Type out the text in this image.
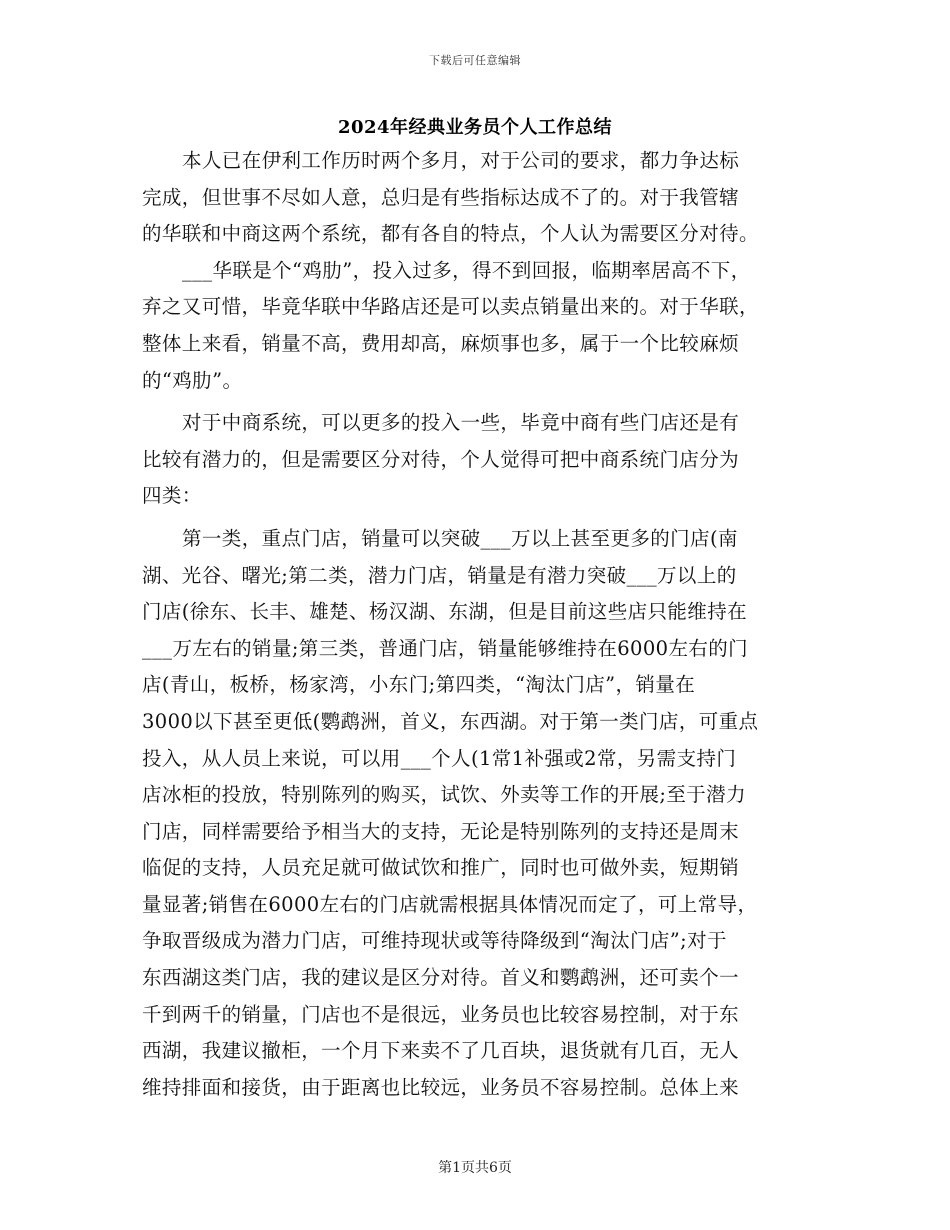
下载后可任意编辑
2024年经典业务员个人工作总结
本人已在伊利工作历时两个多月，对于公司的要求，都力争达标
完成，但世事不尽如人意，总归是有些指标达成不了的。对于我管辖
的华联和中商这两个系统，都有各自的特点，个人认为需要区分对待。
___华联是个“鸡肋”，投入过多，得不到回报，临期率居高不下，
弃之又可惜，毕竟华联中华路店还是可以卖点销量出来的。对于华联，
整体上来看，销量不高，费用却高，麻烦事也多，属于一个比较麻烦
的“鸡肋”。
对于中商系统，可以更多的投入一些，毕竟中商有些门店还是有
比较有潜力的，但是需要区分对待，个人觉得可把中商系统门店分为
四类：
第一类，重点门店，销量可以突破___万以上甚至更多的门店(南
湖、光谷、曙光;第二类，潜力门店，销量是有潜力突破___万以上的
门店(徐东、长丰、雄楚、杨汉湖、东湖，但是目前这些店只能维持在
___万左右的销量;第三类，普通门店，销量能够维持在6000左右的门
店(青山，板桥，杨家湾，小东门;第四类，“淘汰门店”，销量在
3000以下甚至更低(鹦鹉洲，首义，东西湖。对于第一类门店，可重点
投入，从人员上来说，可以用___个人(1常1补强或2常，另需支持门
店冰柜的投放，特别陈列的购买，试饮、外卖等工作的开展;至于潜力
门店，同样需要给予相当大的支持，无论是特别陈列的支持还是周末
临促的支持，人员充足就可做试饮和推广，同时也可做外卖，短期销
量显著;销售在6000左右的门店就需根据具体情况而定了，可上常导，
争取晋级成为潜力门店，可维持现状或等待降级到“淘汰门店”;对于
东西湖这类门店，我的建议是区分对待。首义和鹦鹉洲，还可卖个一
千到两千的销量，门店也不是很远，业务员也比较容易控制，对于东
西湖，我建议撤柜，一个月下来卖不了几百块，退货就有几百，无人
维持排面和接货，由于距离也比较远，业务员不容易控制。总体上来
第1页共6页
